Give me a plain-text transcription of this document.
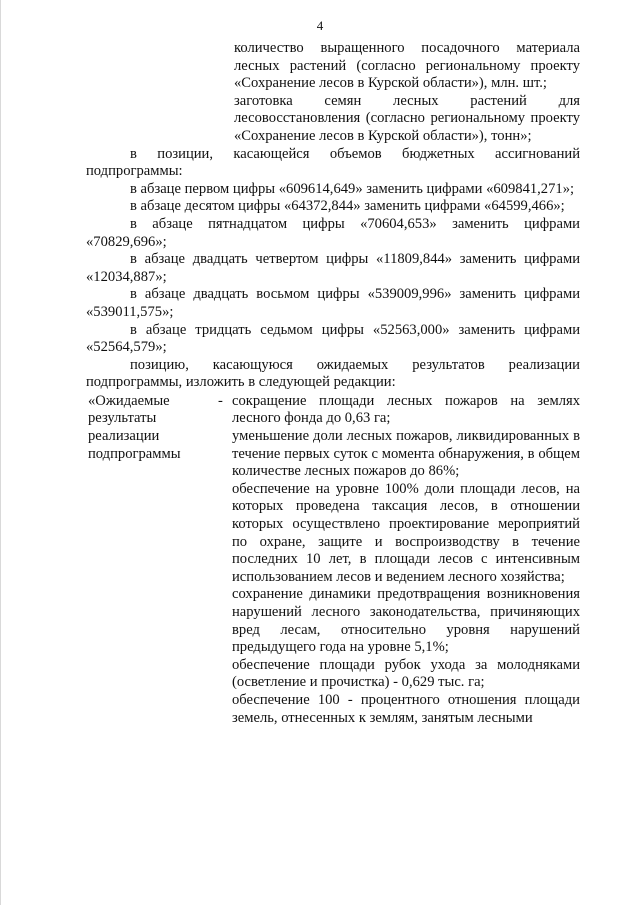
4

количество выращенного посадочного материала лесных растений (согласно региональному проекту «Сохранение лесов в Курской области»), млн. шт.;

заготовка семян лесных растений для лесовосстановления (согласно региональному проекту «Сохранение лесов в Курской области»), тонн»;

в позиции, касающейся объемов бюджетных ассигнований подпрограммы:

в абзаце первом цифры «609614,649» заменить цифрами «609841,271»;

в абзаце десятом цифры «64372,844» заменить цифрами «64599,466»;

в абзаце пятнадцатом цифры «70604,653» заменить цифрами «70829,696»;

в абзаце двадцать четвертом цифры «11809,844» заменить цифрами «12034,887»;

в абзаце двадцать восьмом цифры «539009,996» заменить цифрами «539011,575»;

в абзаце тридцать седьмом цифры «52563,000» заменить цифрами «52564,579»;

позицию, касающуюся ожидаемых результатов реализации подпрограммы, изложить в следующей редакции:

«Ожидаемые
результаты
реализации
подпрограммы
- сокращение площади лесных пожаров на землях лесного фонда до 0,63 га;

уменьшение доли лесных пожаров, ликвидированных в течение первых суток с момента обнаружения, в общем количестве лесных пожаров до 86%;

обеспечение на уровне 100% доли площади лесов, на которых проведена таксация лесов, в отношении которых осуществлено проектирование мероприятий по охране, защите и воспроизводству в течение последних 10 лет, в площади лесов с интенсивным использованием лесов и ведением лесного хозяйства;

сохранение динамики предотвращения возникновения нарушений лесного законодательства, причиняющих вред лесам, относительно уровня нарушений предыдущего года на уровне 5,1%;

обеспечение площади рубок ухода за молодняками (осветление и прочистка) - 0,629 тыс. га;

обеспечение 100 - процентного отношения площади земель, отнесенных к землям, занятым лесными
